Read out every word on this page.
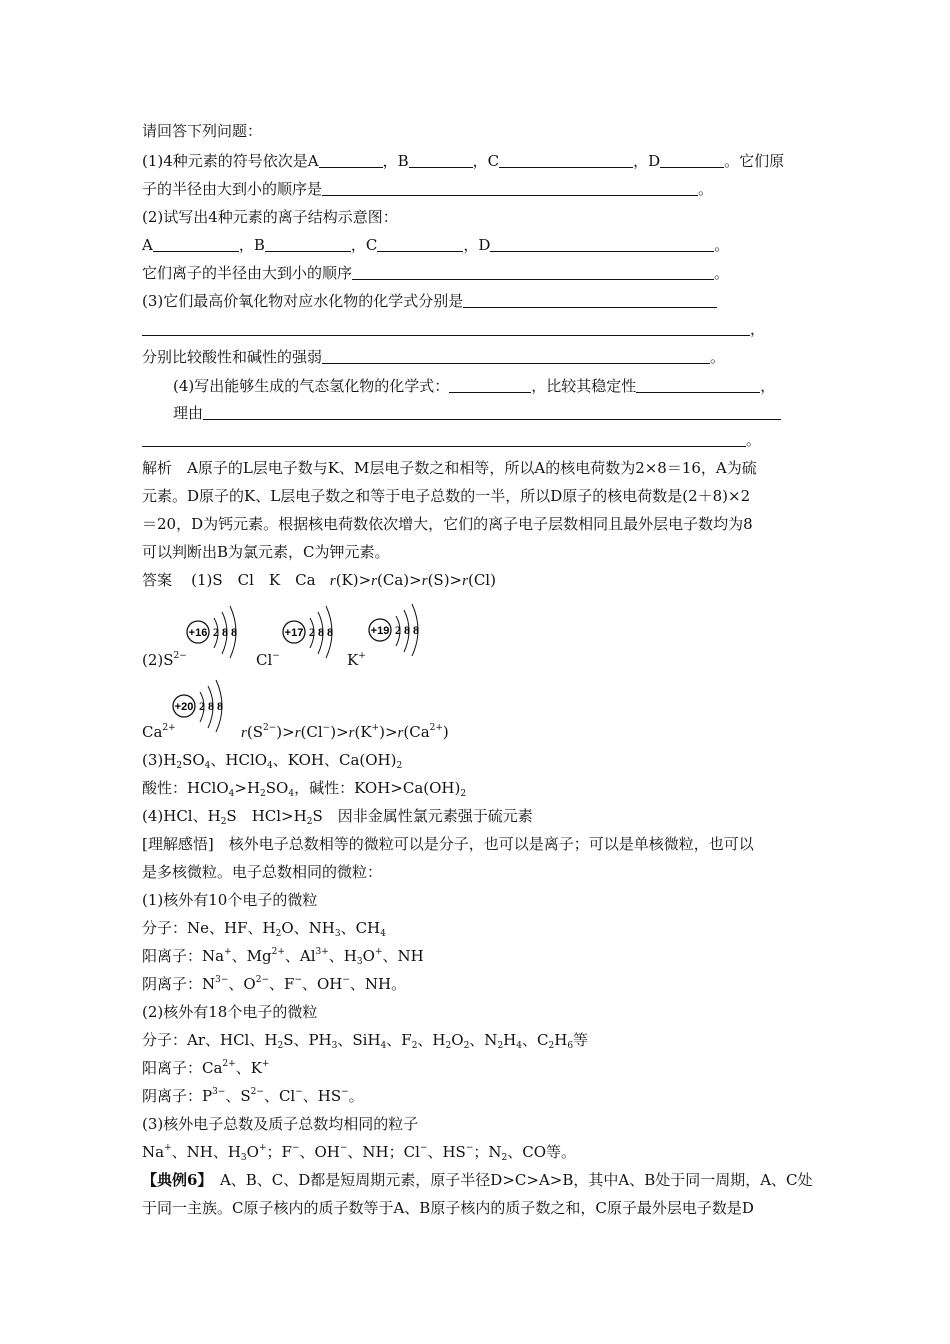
请回答下列问题：
(1)4种元素的符号依次是A	，B	，C	，D	。它们原
子的半径由大到小的顺序是	。
(2)试写出4种元素的离子结构示意图：
A	，B	，C	，D	。
它们离子的半径由大到小的顺序	。
(3)它们最高价氧化物对应水化物的化学式分别是
，
分别比较酸性和碱性的强弱	。
(4)写出能够生成的气态氢化物的化学式：	，比较其稳定性	，
理由
。
解析　A原子的L层电子数与K、M层电子数之和相等，所以A的核电荷数为2×8＝16，A为硫
元素。D原子的K、L层电子数之和等于电子总数的一半，所以D原子的核电荷数是(2＋8)×2
＝20，D为钙元素。根据核电荷数依次增大，它们的离子电子层数相同且最外层电子数均为8
可以判断出B为氯元素，C为钾元素。
答案 (1)S　Cl　K　Ca r(K)>r(Ca)>r(S)>r(Cl)
+16 2 8 8	+17 2 8 8	+19 2 8 8
$(2)S^{2-}$	Cl−	K+
+20 2 8 8
$Ca^{2+}$	$r(S^{2-})>r(Cl^-)>r(K^+)>r(Ca^{2+})$
$(3)H_2SO_4$、HClO$_4$、KOH、$Ca(OH)_2$
酸性：$HClO_4>H_2SO_4$，碱性：$KOH>Ca(OH)_2$
(4)HCl、$H_2S$　$HCl>H_2S$　因非金属性氯元素强于硫元素
[理解感悟]　核外电子总数相等的微粒可以是分子，也可以是离子；可以是单核微粒，也可以
是多核微粒。电子总数相同的微粒：
(1)核外有10个电子的微粒
分子：Ne、HF、$H_2O$、$NH_3$、$CH_4$
阳离子：Na+、$Mg^{2+}$、$Al^{3+}$、$H_3O^+$、NH
阴离子：$N^{3-}$、$O^{2-}$、F−、OH−、NH。
(2)核外有18个电子的微粒
分子：Ar、HCl、$H_2S$、$PH_3$、SiH$_4$、$F_2$、$H_2O_2$、$N_2H_4$、$C_2H_6$等
阳离子：$Ca^{2+}$、K+
阴离子：$P^{3-}$、$S^{2-}$、Cl−、HS−。
(3)核外电子总数及质子总数均相同的粒子
Na+、NH、$H_3O^+$；F−、OH−、NH；Cl−、HS−；$N_2$、CO等。
【典例6】　A、B、C、D都是短周期元素，原子半径D>C>A>B，其中A、B处于同一周期，A、C处
于同一主族。C原子核内的质子数等于A、B原子核内的质子数之和，C原子最外层电子数是D
